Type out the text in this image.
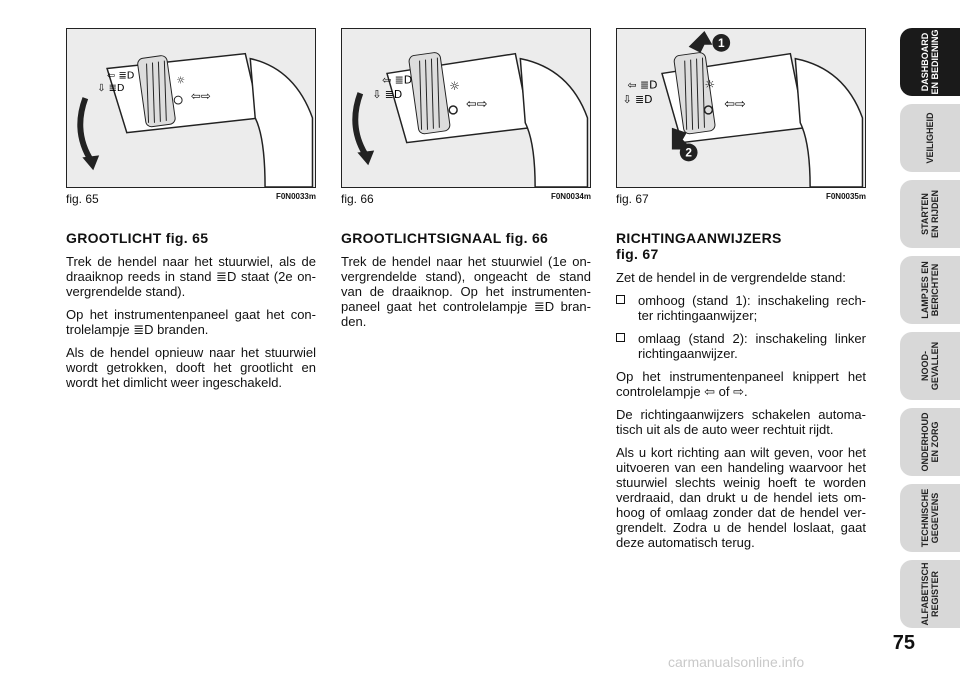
⇦ ≣D
⇩ ≣D
☼
⇦⇨
fig. 65	F0N0033m
⇦ ≣D
⇩ ≣D
☼
⇦⇨
fig. 66	F0N0034m
⇦ ≣D
⇩ ≣D
☼
⇦⇨
1
2
fig. 67	F0N0035m
GROOTLICHT fig. 65

Trek de hendel naar het stuurwiel, als de draaiknop reeds in stand ≣D staat (2e on- vergrendelde stand).

Op het instrumentenpaneel gaat het con- trolelampje ≣D branden.

Als de hendel opnieuw naar het stuurwiel wordt getrokken, dooft het grootlicht en wordt het dimlicht weer ingeschakeld.

GROOTLICHTSIGNAAL fig. 66

Trek de hendel naar het stuurwiel (1e on- vergrendelde stand), ongeacht de stand van de draaiknop. Op het instrumenten- paneel gaat het controlelampje ≣D bran- den.

RICHTINGAANWIJZERS
fig. 67

Zet de hendel in de vergrendelde stand:

omhoog (stand 1): inschakeling rech- ter richtingaanwijzer;
omlaag (stand 2): inschakeling linker richtingaanwijzer.

Op het instrumentenpaneel knippert het controlelampje ⇦ of ⇨.

De richtingaanwijzers schakelen automa- tisch uit als de auto weer rechtuit rijdt.

Als u kort richting aan wilt geven, voor het uitvoeren van een handeling waarvoor het stuurwiel slechts weinig hoeft te worden verdraaid, dan drukt u de hendel iets om- hoog of omlaag zonder dat de hendel ver- grendelt. Zodra u de hendel loslaat, gaat deze automatisch terug.

DASHBOARD
EN BEDIENING
VEILIGHEID
STARTEN
EN RIJDEN
LAMPJES EN
BERICHTEN
NOOD-
GEVALLEN
ONDERHOUD
EN ZORG
TECHNISCHE
GEGEVENS
ALFABETISCH
REGISTER
75
carmanualsonline.info
